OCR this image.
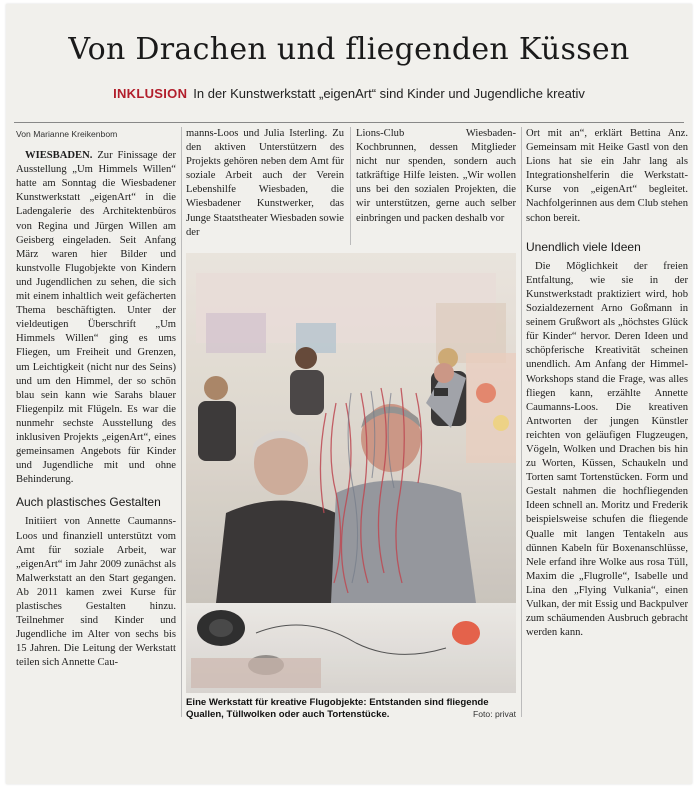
Von Drachen und fliegenden Küssen
INKLUSION In der Kunstwerkstatt „eigenArt“ sind Kinder und Jugendliche kreativ
Von Marianne Kreikenbom

WIESBADEN. Zur Finissage der Ausstellung „Um Himmels Willen“ hatte am Sonntag die Wiesbadener Kunstwerkstatt „eigenArt“ in die Ladengalerie des Architektenbüros von Regina und Jürgen Willen am Geisberg eingeladen. Seit Anfang März waren hier Bilder und kunstvolle Flugobjekte von Kindern und Jugendlichen zu sehen, die sich mit einem inhaltlich weit gefächerten Thema beschäftigten. Unter der vieldeutigen Überschrift „Um Himmels Willen“ ging es ums Fliegen, um Freiheit und Grenzen, um Leichtigkeit (nicht nur des Seins) und um den Himmel, der so schön blau sein kann wie Sarahs blauer Fliegenpilz mit Flügeln. Es war die nunmehr sechste Ausstellung des inklusiven Projekts „eigenArt“, eines gemeinsamen Angebots für Kinder und Jugendliche mit und ohne Behinderung.

Auch plastisches Gestalten

Initiiert von Annette Caumanns-Loos und finanziell unterstützt vom Amt für soziale Arbeit, war „eigenArt“ im Jahr 2009 zunächst als Malwerkstatt an den Start gegangen. Ab 2011 kamen zwei Kurse für plastisches Gestalten hinzu. Teilnehmer sind Kinder und Jugendliche im Alter von sechs bis 15 Jahren. Die Leitung der Werkstatt teilen sich Annette Cau-

manns-Loos und Julia Isterling. Zu den aktiven Unterstützern des Projekts gehören neben dem Amt für soziale Arbeit auch der Verein Lebenshilfe Wiesbaden, die Wiesbadener Kunstwerker, das Junge Staatstheater Wiesbaden sowie der

Lions-Club Wiesbaden-Kochbrunnen, dessen Mitglieder nicht nur spenden, sondern auch tatkräftige Hilfe leisten. „Wir wollen uns bei den sozialen Projekten, die wir unterstützen, gerne auch selber einbringen und packen deshalb vor

Ort mit an“, erklärt Bettina Anz. Gemeinsam mit Heike Gastl von den Lions hat sie ein Jahr lang als Integrationshelferin die Werkstatt-Kurse von „eigenArt“ begleitet. Nachfolgerinnen aus dem Club stehen schon bereit.

Unendlich viele Ideen

Die Möglichkeit der freien Entfaltung, wie sie in der Kunstwerkstadt praktiziert wird, hob Sozialdezernent Arno Goßmann in seinem Grußwort als „höchstes Glück für Kinder“ hervor. Deren Ideen und schöpferische Kreativität scheinen unendlich. Am Anfang der Himmel-Workshops stand die Frage, was alles fliegen kann, erzählte Annette Caumanns-Loos. Die kreativen Antworten der jungen Künstler reichten von geläufigen Flugzeugen, Vögeln, Wolken und Drachen bis hin zu Worten, Küssen, Schaukeln und Torten samt Tortenstücken. Form und Gestalt nahmen die hochfliegenden Ideen schnell an. Moritz und Frederik beispielsweise schufen die fliegende Qualle mit langen Tentakeln aus dünnen Kabeln für Boxenanschlüsse, Nele erfand ihre Wolke aus rosa Tüll, Maxim die „Flugrolle“, Isabelle und Lina den „Flying Vulkania“, einen Vulkan, der mit Essig und Backpulver zum schäumenden Ausbruch gebracht werden kann.

Eine Werkstatt für kreative Flugobjekte: Entstanden sind fliegende Quallen, Tüllwolken oder auch Tortenstücke.	Foto: privat
